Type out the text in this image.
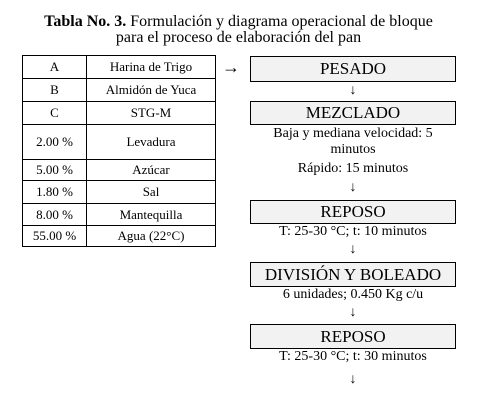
Tabla No. 3. Formulación y diagrama operacional de bloque
para el proceso de elaboración del pan
A	Harina de Trigo
B	Almidón de Yuca
C	STG-M
2.00 %	Levadura
5.00 %	Azúcar
1.80 %	Sal
8.00 %	Mantequilla
55.00 %	Agua (22°C)
→	PESADO
↓
MEZCLADO
Baja y mediana velocidad: 5
minutos
Rápido: 15 minutos
↓
REPOSO
T: 25-30 °C; t: 10 minutos
↓
DIVISIÓN Y BOLEADO
6 unidades; 0.450 Kg c/u
↓
REPOSO
T: 25-30 °C; t: 30 minutos
↓
